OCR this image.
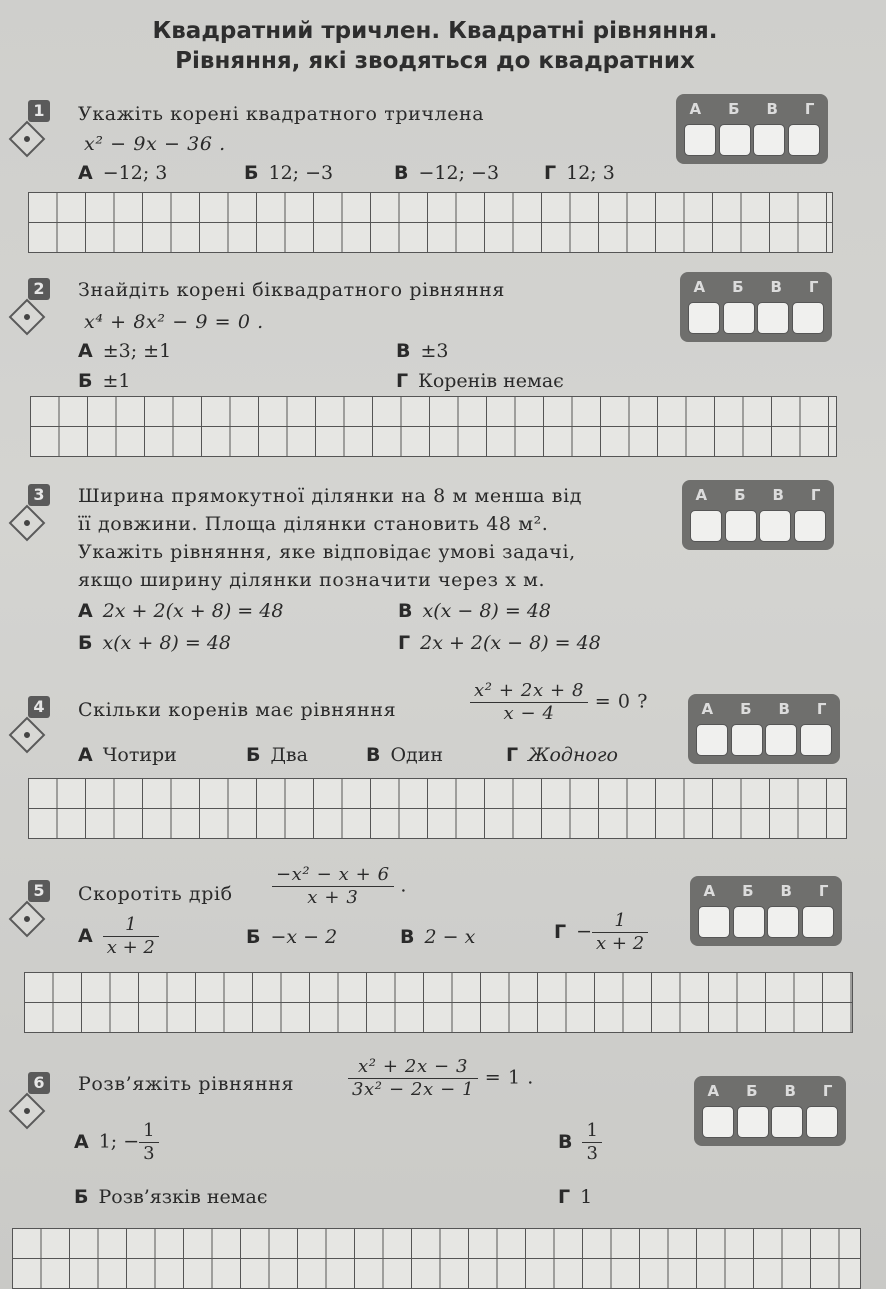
Квадратний тричлен. Квадратні рівняння.
Рівняння, які зводяться до квадратних
1 Укажіть корені квадратного тричлена
x² − 9x − 36 .
А −12; 3	Б 12; −3	В −12; −3 Г 12; 3
А Б В Г
2 Знайдіть корені біквадратного рівняння
x⁴ + 8x² − 9 = 0 .
А ±3; ±1
Б ±1
В ±3
Г Коренів немає
А Б В Г
3 Ширина прямокутної ділянки на 8 м менша від
її довжини. Площа ділянки становить 48 м².
Укажіть рівняння, яке відповідає умові задачі,
якщо ширину ділянки позначити через x м.
А 2x + 2(x + 8) = 48
Б x(x + 8) = 48
В x(x − 8) = 48
Г 2x + 2(x − 8) = 48
А Б В Г
4 Скільки коренів має рівняння	$\frac{\text{x² + 2x + 8}}{x - 4} = 0$ ?
А Чотири	Б Два	В Один	Г Жодного
А Б В Г
5 Скоротіть дріб $\frac{\text{−x² − x + 6}}{x + 3}$ .
А $\frac{1}{x + 2}$	Б −x − 2	В 2 − x	$Г - \frac{1}{x + 2}$
А Б В Г
6 Розв’яжіть рівняння	$\frac{\text{x² + 2x − 3}}{\text{3x² − 2x − 1}} = 1$ .
А 1; − $\frac{1}{3}$
Б Розв’язків немає
В $\frac{1}{3}$
Г 1
А Б В Г
